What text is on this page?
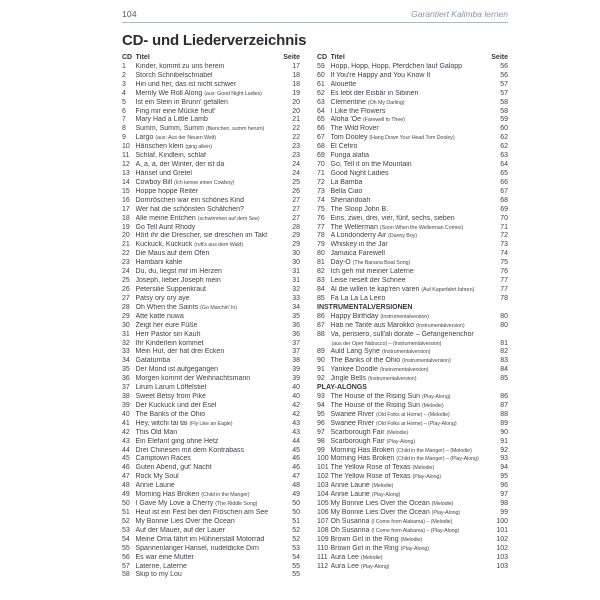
104	Garantiert Kalimba lernen
CD- und Liederverzeichnis
CD Titel	Seite
1	Kinder, kommt zu uns herein	17
2	Storch Schnibelschnabel	18
3	Hin und her, das ist nicht schwer	18
4	Merrily We Roll Along (aus: Good Night Ladies)	19
5	Ist ein Stein in Brunn' gefallen	20
6	Fing mir eine Mücke heut'	20
7	Mary Had a Little Lamb	21
8	Summ, Summ, Summ (Bienchen, summ herum)	22
9	Largo (aus: Aus der Neuen Welt)	22
10 Hänschen klein (ging allein)	23
11 Schlaf, Kindlein, schlaf	23
12 A, a, a, der Winter, der ist da	24
13 Hänsel und Gretel	24
14 Cowboy Bill (Ich kenne einen Cowboy)	25
15 Hoppe hoppe Reiter	26
16 Dornröschen war ein schönes Kind	27
17 Wer hat die schönsten Schäfchen?	27
18 Alle meine Entchen (schwimmen auf dem See)	27
19 Go Tell Aunt Rhody	28
20 Hört ihr die Drescher, sie dreschen im Takt	29
21 Kuckuck, Kuckuck (ruft's aus dem Wald)	29
22 Die Maus auf dem Ofen	30
23 Hambani kahle	30
24 Du, du, liegst mir im Herzen	31
25 Joseph, lieber Joseph mein	31
26 Petersilie Suppenkraut	32
27 Patsy ory ory aye	33
28 Oh When the Saints (Go Marchin' In)	34
29 Atte katte nuwa	35
30 Zeigt her eure Füße	36
31 Herr Pastor sin Kauh	36
32 Ihr Kinderlein kommet	37
33 Mein Hut, der hat drei Ecken	37
34 Gatatumba	38
35 Der Mond ist aufgegangen	39
36 Morgen kommt der Weihnachtsmann	39
37 Lirum Larum Löffelstiel	40
38 Sweet Betsy from Pike	40
39 Der Kuckuck und der Esel	42
40 The Banks of the Ohio	42
41 Hey, witchi tai tai (Fly Like an Eagle)	43
42 This Old Man	43
43 Ein Elefant ging ohne Hetz	44
44 Drei Chinesen mit dem Kontrabass	45
45 Camptown Races	46
46 Guten Abend, gut' Nacht	46
47 Rock My Soul	47
48 Annie Laurie	48
49 Morning Has Broken (Child in the Manger)	49
50 I Gave My Love a Cherry (The Riddle Song)	50
51 Heut ist ein Fest bei den Fröschen am See	50
52 My Bonnie Lies Over the Ocean	51
53 Auf der Mauer, auf der Lauer	52
54 Meine Oma fährt im Hühnerstall Motorrad	52
55 Spannenlanger Hansel, nudeldicke Dirn	53
56 Es war eine Mutter	54
57 Laterne, Laterne	55
58 Skip to my Lou	55
CD Titel	Seite
59 Hopp, Hopp, Hopp, Pferdchen lauf Galopp	56
60 If You're Happy and You Know It	56
61 Alouette	57
62 Es lebt der Eisbär in Sibirien	57
63 Clementine (Oh My Darling)	58
64 I Like the Flowers	58
65 Aloha 'Oe (Farewell to Thee)	59
66 The Wild Rover	60
67 Tom Dooley (Hang Down Your Head Tom Dooley)	62
68 El Céfiro	62
69 Funga alafia	63
70 Go, Tell it on the Mountain	64
71 Good Night Ladies	65
72 La Bamba	66
73 Bella Ciao	67
74 Shenandoah	68
75 The Sloop John B.	69
76 Eins, zwei, drei, vier, fünf, sechs, sieben	70
77 The Wellerman (Soon When the Wellerman Comes)	71
78 A Londonderry Air (Danny Boy)	72
79 Whiskey in the Jar	73
80 Jamaica Farewell	74
81 Day-O (The Banana Boat Song)	75
82 Ich geh mit meiner Laterne	76
83 Leise rieselt der Schnee	77
84 Al die willen te kap'ren varen (Auf Kaperfahrt fahren)	77
85 Fa La La La Leiro	78
INSTRUMENTALVERSIONEN
86 Happy Birthday (Instrumentalversion)	80
87 Hab ne Tante aus Marokko (Instrumentalversion)	80
88 Va, pensiero, sull'ali dorate – Gefangenenchor
(aus der Oper Nabucco) – (Instrumentalversion)	81
89 Auld Lang Syne (Instrumentalversion)	82
90 The Banks of the Ohio (Instrumentalversion)	83
91 Yankee Doodle (Instrumentalversion)	84
92 Jingle Bells (Instrumentalversion)	85
PLAY-ALONGS
93 The House of the Rising Sun (Play-Along)	86
94 The House of the Rising Sun (Melodie)	87
95 Swanee River (Old Folks at Home) – (Melodie)	88
96 Swanee River (Old Folks at Home) – (Play-Along)	89
97 Scarborough Fair (Melodie)	90
98 Scarborough Fair (Play-Along)	91
99 Morning Has Broken (Child in the Manger) – (Melodie)	92
100 Morning Has Broken (Child in the Manger) – (Play-Along)	93
101 The Yellow Rose of Texas (Melodie)	94
102 The Yellow Rose of Texas (Play-Along)	95
103 Annie Laurie (Melodie)	96
104 Annie Laurie (Play-Along)	97
105 My Bonnie Lies Over the Ocean (Melodie)	98
106 My Bonnie Lies Over the Ocean (Play-Along)	99
107 Oh Susanna (I Come from Alabama) – (Melodie)	100
108 Oh Susanna (I Come from Alabama) – (Play-Along)	101
109 Brown Girl in the Ring (Melodie)	102
110 Brown Girl in the Ring (Play-Along)	102
111 Aura Lee (Melodie)	103
112 Aura Lee (Play-Along)	103
